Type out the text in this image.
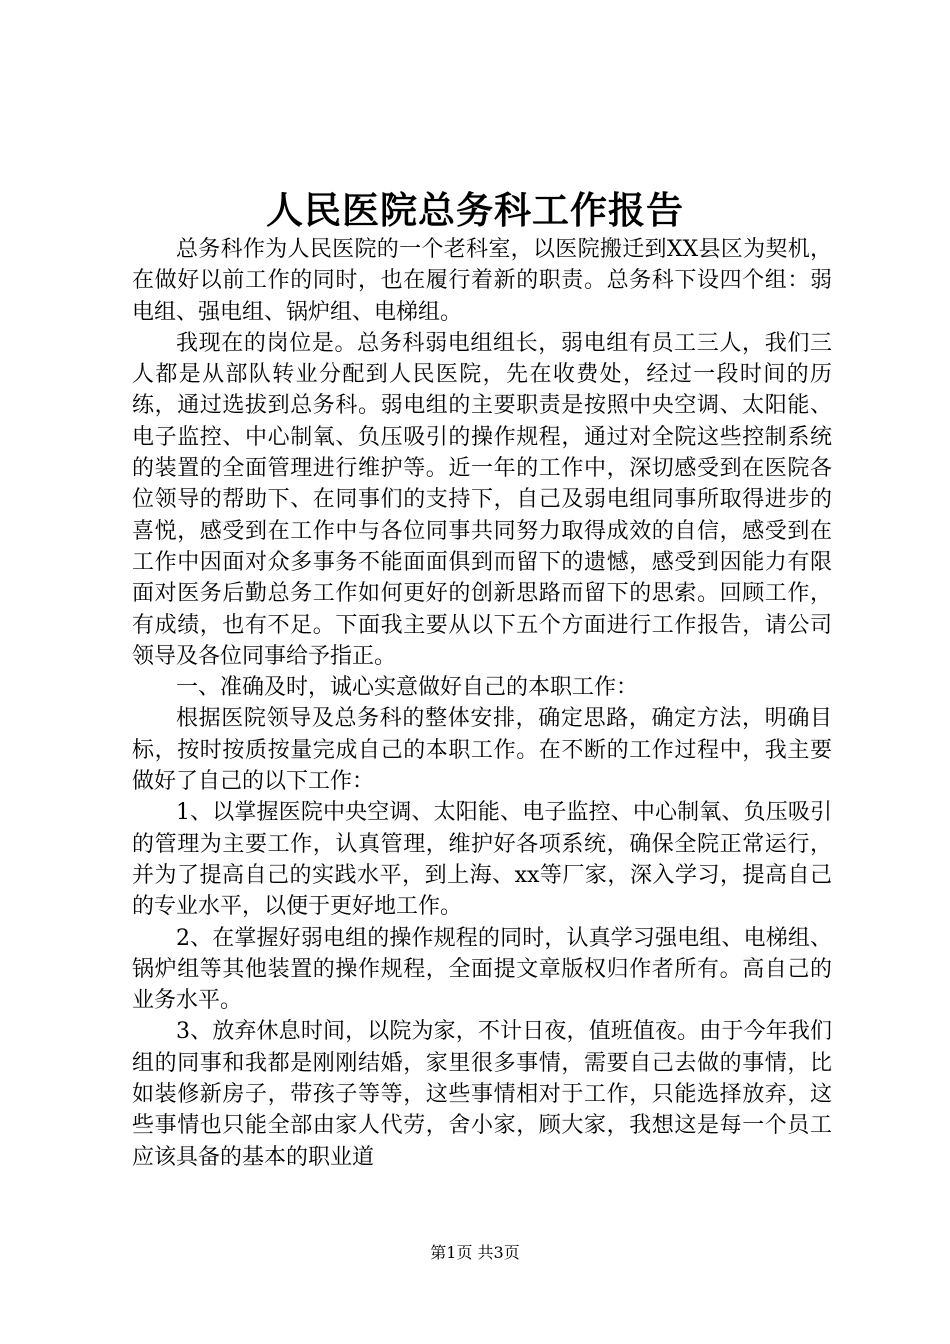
人民医院总务科工作报告

总务科作为人民医院的一个老科室，以医院搬迁到XX县区为契机，在做好以前工作的同时，也在履行着新的职责。总务科下设四个组：弱电组、强电组、锅炉组、电梯组。

我现在的岗位是。总务科弱电组组长，弱电组有员工三人，我们三人都是从部队转业分配到人民医院，先在收费处，经过一段时间的历练，通过选拔到总务科。弱电组的主要职责是按照中央空调、太阳能、电子监控、中心制氧、负压吸引的操作规程，通过对全院这些控制系统的装置的全面管理进行维护等。近一年的工作中，深切感受到在医院各位领导的帮助下、在同事们的支持下，自己及弱电组同事所取得进步的喜悦，感受到在工作中与各位同事共同努力取得成效的自信，感受到在工作中因面对众多事务不能面面俱到而留下的遗憾，感受到因能力有限面对医务后勤总务工作如何更好的创新思路而留下的思索。回顾工作，有成绩，也有不足。下面我主要从以下五个方面进行工作报告，请公司领导及各位同事给予指正。

一、准确及时，诚心实意做好自己的本职工作：

根据医院领导及总务科的整体安排，确定思路，确定方法，明确目标，按时按质按量完成自己的本职工作。在不断的工作过程中，我主要做好了自己的以下工作：

1、以掌握医院中央空调、太阳能、电子监控、中心制氧、负压吸引的管理为主要工作，认真管理，维护好各项系统，确保全院正常运行，并为了提高自己的实践水平，到上海、xx等厂家，深入学习，提高自己的专业水平，以便于更好地工作。

2、在掌握好弱电组的操作规程的同时，认真学习强电组、电梯组、锅炉组等其他装置的操作规程，全面提文章版权归作者所有。高自己的业务水平。

3、放弃休息时间，以院为家，不计日夜，值班值夜。由于今年我们组的同事和我都是刚刚结婚，家里很多事情，需要自己去做的事情，比如装修新房子，带孩子等等，这些事情相对于工作，只能选择放弃，这些事情也只能全部由家人代劳，舍小家，顾大家，我想这是每一个员工应该具备的基本的职业道

第1页 共3页
